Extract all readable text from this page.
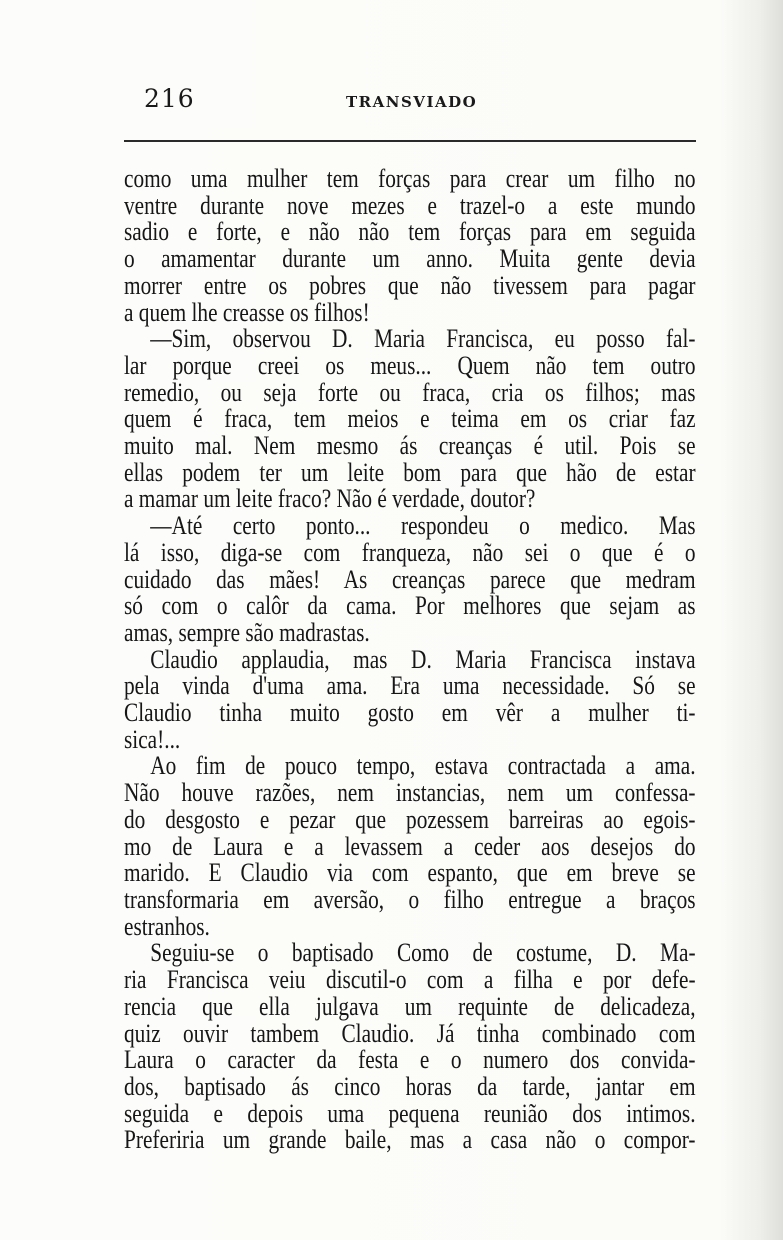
216	TRANSVIADO
como uma mulher tem forças para crear um filho no
ventre durante nove mezes e trazel-o a este mundo
sadio e forte, e não não tem forças para em seguida
o amamentar durante um anno. Muita gente devia
morrer entre os pobres que não tivessem para pagar
a quem lhe creasse os filhos!
—Sim, observou D. Maria Francisca, eu posso fal-
lar porque creei os meus... Quem não tem outro
remedio, ou seja forte ou fraca, cria os filhos; mas
quem é fraca, tem meios e teima em os criar faz
muito mal. Nem mesmo ás creanças é util. Pois se
ellas podem ter um leite bom para que hão de estar
a mamar um leite fraco? Não é verdade, doutor?
—Até certo ponto... respondeu o medico. Mas
lá isso, diga-se com franqueza, não sei o que é o
cuidado das mães! As creanças parece que medram
só com o calôr da cama. Por melhores que sejam as
amas, sempre são madrastas.
Claudio applaudia, mas D. Maria Francisca instava
pela vinda d'uma ama. Era uma necessidade. Só se
Claudio tinha muito gosto em vêr a mulher ti-
sica!...
Ao fim de pouco tempo, estava contractada a ama.
Não houve razões, nem instancias, nem um confessa-
do desgosto e pezar que pozessem barreiras ao egois-
mo de Laura e a levassem a ceder aos desejos do
marido. E Claudio via com espanto, que em breve se
transformaria em aversão, o filho entregue a braços
estranhos.
Seguiu-se o baptisado Como de costume, D. Ma-
ria Francisca veiu discutil-o com a filha e por defe-
rencia que ella julgava um requinte de delicadeza,
quiz ouvir tambem Claudio. Já tinha combinado com
Laura o caracter da festa e o numero dos convida-
dos, baptisado ás cinco horas da tarde, jantar em
seguida e depois uma pequena reunião dos intimos.
Preferiria um grande baile, mas a casa não o compor-
